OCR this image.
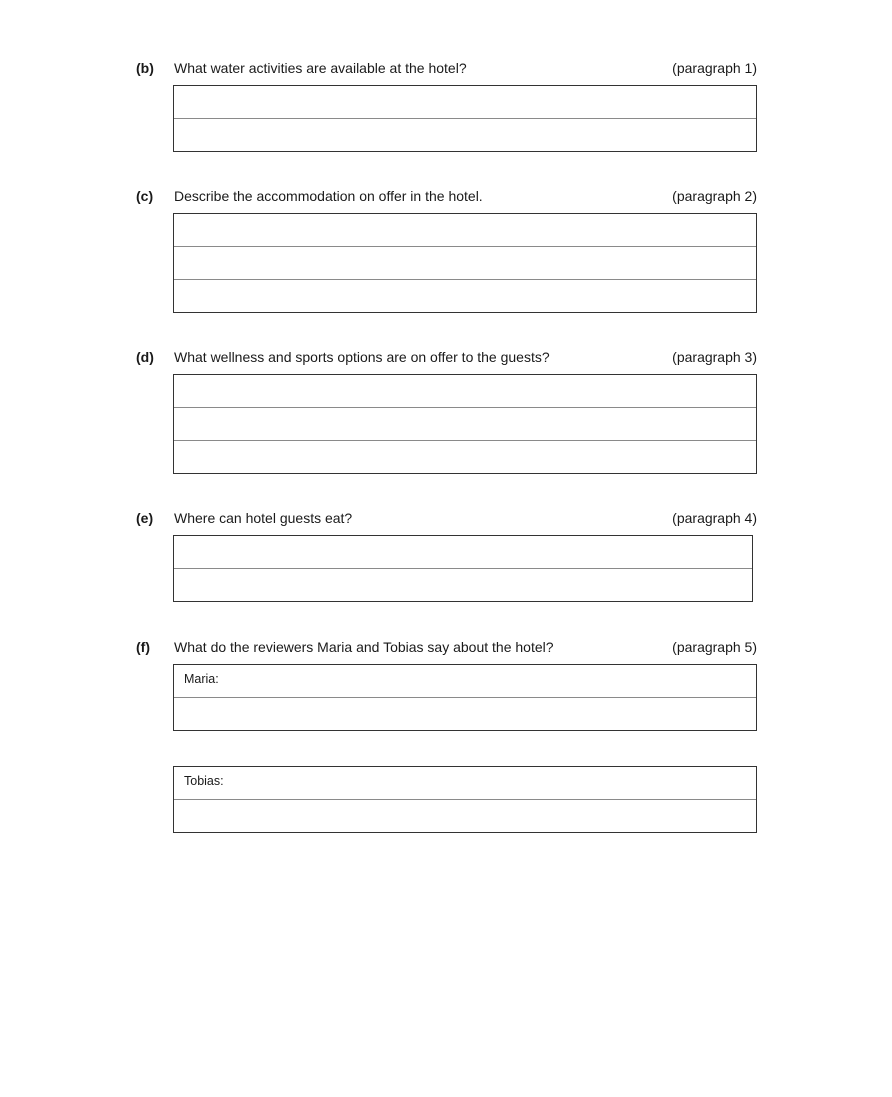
(b) What water activities are available at the hotel?	(paragraph 1)
(c) Describe the accommodation on offer in the hotel.	(paragraph 2)
(d) What wellness and sports options are on offer to the guests?	(paragraph 3)
(e) Where can hotel guests eat?	(paragraph 4)
(f) What do the reviewers Maria and Tobias say about the hotel?	(paragraph 5)
Maria:
Tobias:
